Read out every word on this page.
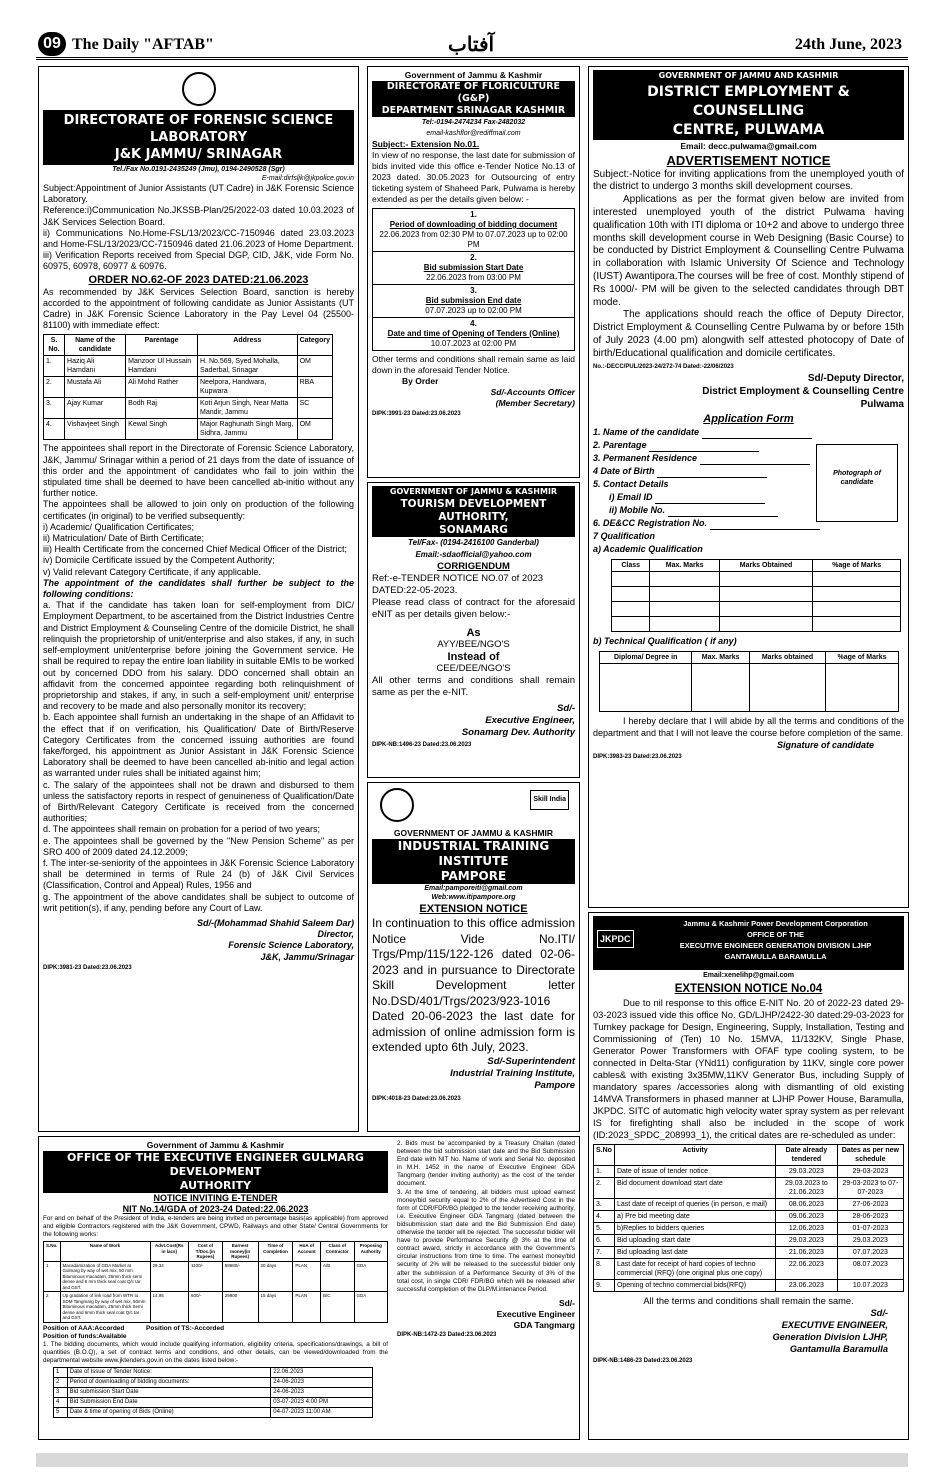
09 The Daily "AFTAB"	آفتاب	24th June, 2023
DIRECTORATE OF FORENSIC SCIENCE LABORATORY
J&K JAMMU/ SRINAGAR
Tel./Fax No.0191-2435249 (Jmu), 0194-2490528 (Sgr)
E-mail:dirfsljk@jkpolice.gov.in
Subject:Appointment of Junior Assistants (UT Cadre) in J&K Forensic Science Laboratory.
Reference:i)Communication No.JKSSB-Plan/25/2022-03 dated 10.03.2023 of J&K Services Selection Board.
ii) Communications No.Home-FSL/13/2023/CC-7150946 dated 23.03.2023 and Home-FSL/13/2023/CC-7150946 dated 21.06.2023 of Home Department.
iii) Verification Reports received from Special DGP, CID, J&K, vide Form No. 60975, 60978, 60977 & 60976.
ORDER NO.62-OF 2023 DATED:21.06.2023
As recommended by J&K Services Selection Board, sanction is hereby accorded to the appointment of following candidate as Junior Assistants (UT Cadre) in J&K Forensic Science Laboratory in the Pay Level 04 (25500-81100) with immediate effect:
S. No.	Name of the candidate	Parentage	Address	Category
1.	Haziq Ali Hamdani	Manzoor Ul Hussain Hamdani	H. No.569, Syed Mohalla, Saderbal, Srinagar	OM
2.	Mustafa Ali	Ali Mohd Rather	Neelpora, Handwara, Kupwara	RBA
3.	Ajay Kumar	Bodh Raj	Koti Arjun Singh, Near Matta Mandir, Jammu	SC
4.	Vishavjeet Singh	Kewal Singh	Major Raghunath Singh Marg, Sidhra, Jammu	OM
The appointees shall report in the Directorate of Forensic Science Laboratory, J&K, Jammu/ Srinagar within a period of 21 days from the date of issuance of this order and the appointment of candidates who fail to join within the stipulated time shall be deemed to have been cancelled ab-initio without any further notice.
The appointees shall be allowed to join only on production of the following certificates (in original) to be verified subsequently:
i) Academic/ Qualification Certificates;
ii) Matriculation/ Date of Birth Certificate;
iii) Health Certificate from the concerned Chief Medical Officer of the District;
iv) Domicile Certificate issued by the Competent Authority;
v) Valid relevant Category Certificate, if any applicable.
The appointment of the candidates shall further be subject to the following conditions:
a. That if the candidate has taken loan for self-employment from DIC/ Employment Department, to be ascertained from the District Industries Centre and District Employment & Counseling Centre of the domicile District, he shall relinquish the proprietorship of unit/enterprise and also stakes, if any, in such self-employment unit/enterprise before joining the Government service. He shall be required to repay the entire loan liability in suitable EMIs to be worked out by concerned DDO from his salary. DDO concerned shall obtain an affidavit from the concerned appointee regarding both relinquishment of proprietorship and stakes, if any, in such a self-employment unit/ enterprise and recovery to be made and also personally monitor its recovery;
b. Each appointee shall furnish an undertaking in the shape of an Affidavit to the effect that if on verification, his Qualification/ Date of Birth/Reserve Category Certificates from the concerned issuing authorities are found fake/forged, his appointment as Junior Assistant in J&K Forensic Science Laboratory shall be deemed to have been cancelled ab-initio and legal action as warranted under rules shall be initiated against him;
c. The salary of the appointees shall not be drawn and disbursed to them unless the satisfactory reports in respect of genuineness of Qualification/Date of Birth/Relevant Category Certificate is received from the concerned authorities;
d. The appointees shall remain on probation for a period of two years;
e. The appointees shall be governed by the "New Pension Scheme" as per SRO 400 of 2009 dated 24.12.2009;
f. The inter-se-seniority of the appointees in J&K Forensic Science Laboratory shall be determined in terms of Rule 24 (b) of J&K Civil Services (Classification, Control and Appeal) Rules, 1956 and
g. The appointment of the above candidates shall be subject to outcome of writ petition(s), if any, pending before any Court of Law.
Sd/-(Mohammad Shahid Saleem Dar)
Director,
Forensic Science Laboratory,
J&K, Jammu/Srinagar
DIPK:3981-23 Dated:23.06.2023
Government of Jammu & Kashmir
DIRECTORATE OF FLORICULTURE (G&P)
DEPARTMENT SRINAGAR KASHMIR
Tel:-0194-2474234 Fax-2482032
email-kashflor@rediffmail.com
Subject:- Extension No.01.
In view of no response, the last date for submission of bids invited vide this office e-Tender Notice No.13 of 2023 dated. 30.05.2023 for Outsourcing of entry ticketing system of Shaheed Park, Pulwama is hereby extended as per the details given below: -
1.
Period of downloading of bidding document
22.06.2023 from 02:30 PM to 07.07.2023 up to 02:00 PM

2.
Bid submission Start Date
22.06.2023 from 03:00 PM

3.
Bid submission End date
07.07.2023 up to 02:00 PM

4.
Date and time of Opening of Tenders (Online)
10.07.2023 at 02:00 PM
Other terms and conditions shall remain same as laid down in the aforesaid Tender Notice.
By Order
Sd/-Accounts Officer
(Member Secretary)
DIPK:3991-23 Dated:23.06.2023
GOVERNMENT OF JAMMU & KASHMIR
TOURISM DEVELOPMENT AUTHORITY,
SONAMARG
Tel/Fax- (0194-2416100 Ganderbal)
Email:-sdaofficial@yahoo.com
CORRIGENDUM
Ref:-e-TENDER NOTICE NO.07 of 2023 DATED:22-05-2023.
Please read class of contract for the aforesaid eNIT as per details given below:-
As
AYY/BEE/NGO'S
Instead of
CEE/DEE/NGO'S
All other terms and conditions shall remain same as per the e-NIT.
Sd/-
Executive Engineer,
Sonamarg Dev. Authority
DIPK-NB:1496-23 Dated:23.06.2023
Skill India
GOVERNMENT OF JAMMU & KASHMIR
INDUSTRIAL TRAINING INSTITUTE
PAMPORE
Email:pamporeiti@gmail.com
Web:www.itipampore.org
EXTENSION NOTICE
In continuation to this office admission Notice Vide No.ITI/ Trgs/Pmp/115/122-126 dated 02-06-2023 and in pursuance to Directorate Skill Development letter No.DSD/401/Trgs/2023/923-1016 Dated 20-06-2023 the last date for admission of online admission form is extended upto 6th July, 2023.
Sd/-Superintendent
Industrial Training Institute,
Pampore
DIPK:4018-23 Dated:23.06.2023
GOVERNMENT OF JAMMU AND KASHMIR
DISTRICT EMPLOYMENT & COUNSELLING
CENTRE, PULWAMA
Email: decc.pulwama@gmail.com
ADVERTISEMENT NOTICE
Subject:-Notice for inviting applications from the unemployed youth of the district to undergo 3 months skill development courses.
Applications as per the format given below are invited from interested unemployed youth of the district Pulwama having qualification 10th with ITI diploma or 10+2 and above to undergo three months skill development course in Web Designing (Basic Course) to be conducted by District Employment & Counselling Centre Pulwama in collaboration with Islamic University Of Science and Technology (IUST) Awantipora.The courses will be free of cost. Monthly stipend of Rs 1000/- PM will be given to the selected candidates through DBT mode.
The applications should reach the office of Deputy Director, District Employment & Counselling Centre Pulwama by or before 15th of July 2023 (4.00 pm) alongwith self attested photocopy of Date of birth/Educational qualification and domicile certificates.
No.:-DECC/PUL/2023-24/272-74 Dated:-22/06/2023
Sd/-Deputy Director,
District Employment & Counselling Centre
Pulwama
Application Form
1. Name of the candidate
2. Parentage
3. Permanent Residence
4 Date of Birth
5. Contact Details
i) Email ID
ii) Mobile No.
6. DE&CC Registration No.
7 Qualification
a) Academic Qualification
Photograph of candidate
Class	Max. Marks	Marks Obtained	%age of Marks

b) Technical Qualification ( if any)
Diploma/ Degree in	Max. Marks	Marks obtained	%age of Marks

I hereby declare that I will abide by all the terms and conditions of the department and that I will not leave the course before completion of the same.
Signature of candidate
DIPK:3983-23 Dated:23.06.2023
JKPDC
Jammu & Kashmir Power Development Corporation
OFFICE OF THE
EXECUTIVE ENGINEER GENERATION DIVISION LJHP
GANTAMULLA BARAMULLA
Email:xenelihp@gmail.com
EXTENSION NOTICE No.04
Due to nil response to this office E-NIT No. 20 of 2022-23 dated 29-03-2023 issued vide this office No. GD/LJHP/2422-30 dated:29-03-2023 for Turnkey package for Design, Engineering, Supply, Installation, Testing and Commissioning of (Ten) 10 No. 15MVA, 11/132KV, Single Phase, Generator Power Transformers with OFAF type cooling system, to be connected in Delta-Star (YNd11) configuration by 11KV, single core power cables& with existing 3x35MW,11KV Generator Bus, including Supply of mandatory spares /accessories along with dismantling of old existing 14MVA Transformers in phased manner at LJHP Power House, Baramulla, JKPDC. SITC of automatic high velocity water spray system as per relevant IS for firefighting shall also be included in the scope of work (ID:2023_SPDC_208993_1), the critical dates are re-scheduled as under:
S.No	Activity	Date already tendered	Dates as per new schedule
1.	Date of issue of tender notice	29.03.2023	29-03-2023
2.	Bid document download start date	29.03.2023 to 21.06.2023	29-03-2023 to 07-07-2023
3.	Last date of receipt of queries (in person, e mail)	08.06.2023	27-06-2023
4.	a) Pre bid meeting date	09.06.2023	28-06-2023
5.	b)Replies to bidders queries	12.06.2023	01-07-2023
6.	Bid uploading start date	29.03.2023	29.03.2023
7.	Bid uploading last date	21.06.2023	07.07.2023
8.	Last date for receipt of hard copies of techno commercial (RFQ) (one original plus one copy)	22.06.2023	08.07.2023
9.	Opening of techno commercial bids(RFQ)	23.06.2023	10.07.2023
All the terms and conditions shall remain the same.
Sd/-
EXECUTIVE ENGINEER,
Generation Division LJHP,
Gantamulla Baramulla
DIPK-NB:1486-23 Dated:23.06.2023
Government of Jammu & Kashmir
OFFICE OF THE EXECUTIVE ENGINEER GULMARG DEVELOPMENT
AUTHORITY
NOTICE INVITING E-TENDER
NIT No.14/GDA of 2023-24 Dated:22.06.2023
For and on behalf of the President of India, e-tenders are being invited on percentage basis(as applicable) from approved and eligible Contractors registered with the J&K Government, CPWD, Railways and other State/ Central Governments for the following works:
S.No.	Name of Work	Advt.Cost(Rs in lacs)	Cost of T/Doc.(in Rupees)	Earnest money(in Rupees)	Time of Completion	HoA of Account	Class of Contractor	Proposing Authority
1	Macadamization of GDA Market at Gulmarg by way of wet mix, 50 mm Bituminous macadam, 25mm thick semi dense and 6 mm thick seal coat Q/c tar and GST.	29.34	1100/-	58680/-	20 days	PLAN	A/B	GDA
2	Up gradation of link road from WTR to SDM Tangmarg by way of wet mix, 50mm Bituminous macadam, 25mm thick Semi dense and 6mm thick seal coat Q/c tar and GST.	14.95	600/-	29900	15 days	PLAN	B/C	GDA
Position of AAA:Accorded	Position of TS:-Accorded
Position of funds:Available
1. The bidding documents, which would include qualifying information, eligibility criteria, specifications/drawings, a bill of quantities (B.O.Q), a set of contract terms and conditions, and other details, can be viewed/downloaded from the departmental website www.jktenders.gov.in on the dates listed below:-
1	Date of Issue of Tender Notice:	22.06.2023
2	Period of downloading of bidding documents:	24-06-2023
3	Bid submission Start Date	24-06-2023
4	Bid Submission End Date	03-07-2023 4:00 PM
5	Date & time of opening of Bids (Online)	04-07-2023 11:00 AM
2. Bids must be accompanied by a Treasury Challan (dated between the bid submission start date and the Bid Submission End date with NIT No. Name of work and Serial No. deposited in M.H. 1452 in the name of Executive Engineer GDA Tangmarg (tender inviting authority) as the cost of the tender document.
3. At the time of tendering, all bidders must upload earnest money/bid security equal to 2% of the Advertised Cost in the form of CDR/FDR/BG pledged to the tender receiving authority, i.e. Executive Engineer GDA Tangmarg (dated between the bidsubmission start date and the Bid Submission End date) otherwise the tender will be rejected. The successful bidder will have to provide Performance Security @ 3% at the time of contract award, strictly in accordance with the Government's circular instructions from time to time. The earnest money/bid security of 2% will be released to the successful bidder only after the submission of a Performance Security of 3% of the total cost, in single CDR/ FDR/BG which will be released after successful completion of the DLP/M.intenance Period.
Sd/-
Executive Engineer
GDA Tangmarg
DIPK-NB:1472-23 Dated:23.06.2023
